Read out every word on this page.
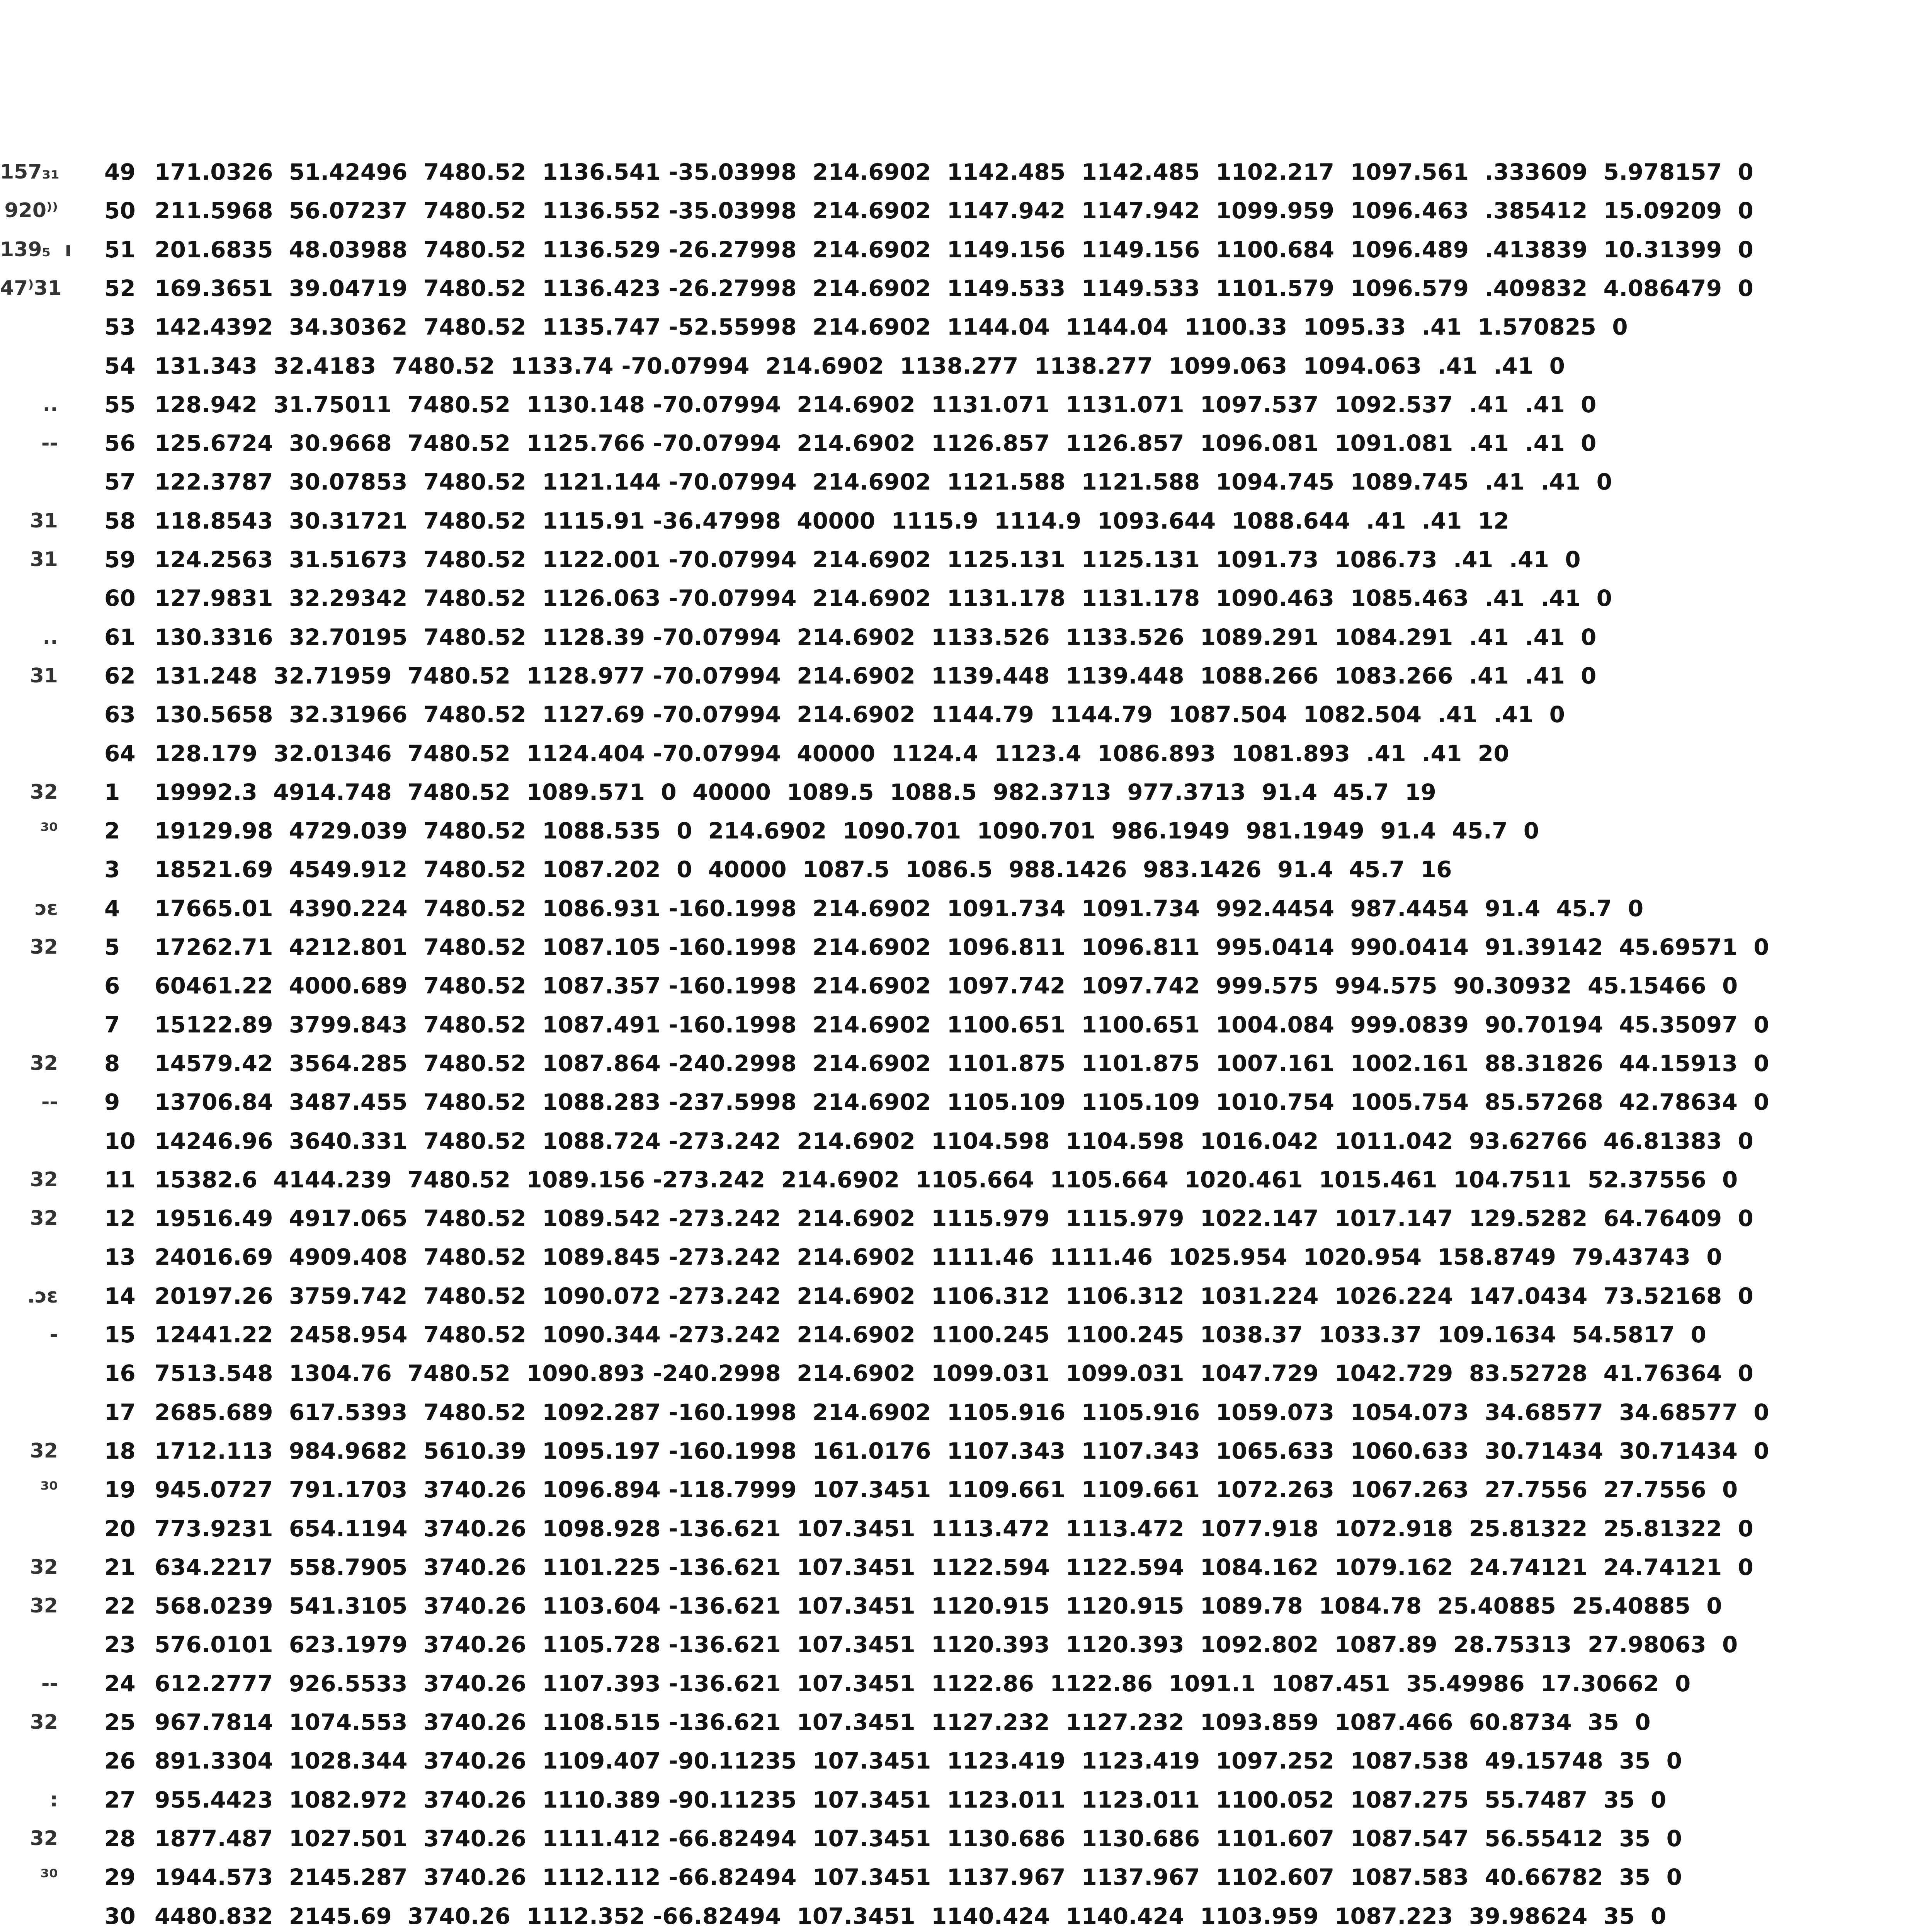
157₃₁ 49 171.0326  51.42496  7480.52  1136.541 -35.03998  214.6902  1142.485  1142.485  1102.217  1097.561  .333609  5.978157  0
920⁾⁾ 50 211.5968  56.07237  7480.52  1136.552 -35.03998  214.6902  1147.942  1147.942  1099.959  1096.463  .385412  15.09209  0
139₅  ı 51 201.6835  48.03988  7480.52  1136.529 -26.27998  214.6902  1149.156  1149.156  1100.684  1096.489  .413839  10.31399  0
47⁾31 52 169.3651  39.04719  7480.52  1136.423 -26.27998  214.6902  1149.533  1149.533  1101.579  1096.579  .409832  4.086479  0
53 142.4392  34.30362  7480.52  1135.747 -52.55998  214.6902  1144.04  1144.04  1100.33  1095.33  .41  1.570825  0
54 131.343  32.4183  7480.52  1133.74 -70.07994  214.6902  1138.277  1138.277  1099.063  1094.063  .41  .41  0
.. 55 128.942  31.75011  7480.52  1130.148 -70.07994  214.6902  1131.071  1131.071  1097.537  1092.537  .41  .41  0
-- 56 125.6724  30.9668  7480.52  1125.766 -70.07994  214.6902  1126.857  1126.857  1096.081  1091.081  .41  .41  0
57 122.3787  30.07853  7480.52  1121.144 -70.07994  214.6902  1121.588  1121.588  1094.745  1089.745  .41  .41  0
31 58 118.8543  30.31721  7480.52  1115.91 -36.47998  40000  1115.9  1114.9  1093.644  1088.644  .41  .41  12
31 59 124.2563  31.51673  7480.52  1122.001 -70.07994  214.6902  1125.131  1125.131  1091.73  1086.73  .41  .41  0
60 127.9831  32.29342  7480.52  1126.063 -70.07994  214.6902  1131.178  1131.178  1090.463  1085.463  .41  .41  0
.. 61 130.3316  32.70195  7480.52  1128.39 -70.07994  214.6902  1133.526  1133.526  1089.291  1084.291  .41  .41  0
31 62 131.248  32.71959  7480.52  1128.977 -70.07994  214.6902  1139.448  1139.448  1088.266  1083.266  .41  .41  0
63 130.5658  32.31966  7480.52  1127.69 -70.07994  214.6902  1144.79  1144.79  1087.504  1082.504  .41  .41  0
64 128.179  32.01346  7480.52  1124.404 -70.07994  40000  1124.4  1123.4  1086.893  1081.893  .41  .41  20
32 1	19992.3  4914.748  7480.52  1089.571  0  40000  1089.5  1088.5  982.3713  977.3713  91.4  45.7  19
³⁰ 2	19129.98  4729.039  7480.52  1088.535  0  214.6902  1090.701  1090.701  986.1949  981.1949  91.4  45.7  0
3	18521.69  4549.912  7480.52  1087.202  0  40000  1087.5  1086.5  988.1426  983.1426  91.4  45.7  16
ɔɛ 4	17665.01  4390.224  7480.52  1086.931 -160.1998  214.6902  1091.734  1091.734  992.4454  987.4454  91.4  45.7  0
32 5	17262.71  4212.801  7480.52  1087.105 -160.1998  214.6902  1096.811  1096.811  995.0414  990.0414  91.39142  45.69571  0
6	60461.22  4000.689  7480.52  1087.357 -160.1998  214.6902  1097.742  1097.742  999.575  994.575  90.30932  45.15466  0
7	15122.89  3799.843  7480.52  1087.491 -160.1998  214.6902  1100.651  1100.651  1004.084  999.0839  90.70194  45.35097  0
32 8	14579.42  3564.285  7480.52  1087.864 -240.2998  214.6902  1101.875  1101.875  1007.161  1002.161  88.31826  44.15913  0
-- 9	13706.84  3487.455  7480.52  1088.283 -237.5998  214.6902  1105.109  1105.109  1010.754  1005.754  85.57268  42.78634  0
10 14246.96  3640.331  7480.52  1088.724 -273.242  214.6902  1104.598  1104.598  1016.042  1011.042  93.62766  46.81383  0
32 11 15382.6  4144.239  7480.52  1089.156 -273.242  214.6902  1105.664  1105.664  1020.461  1015.461  104.7511  52.37556  0
32 12 19516.49  4917.065  7480.52  1089.542 -273.242  214.6902  1115.979  1115.979  1022.147  1017.147  129.5282  64.76409  0
13 24016.69  4909.408  7480.52  1089.845 -273.242  214.6902  1111.46  1111.46  1025.954  1020.954  158.8749  79.43743  0
.ɔɛ 14 20197.26  3759.742  7480.52  1090.072 -273.242  214.6902  1106.312  1106.312  1031.224  1026.224  147.0434  73.52168  0
- 15 12441.22  2458.954  7480.52  1090.344 -273.242  214.6902  1100.245  1100.245  1038.37  1033.37  109.1634  54.5817  0
16 7513.548  1304.76  7480.52  1090.893 -240.2998  214.6902  1099.031  1099.031  1047.729  1042.729  83.52728  41.76364  0
17 2685.689  617.5393  7480.52  1092.287 -160.1998  214.6902  1105.916  1105.916  1059.073  1054.073  34.68577  34.68577  0
32 18 1712.113  984.9682  5610.39  1095.197 -160.1998  161.0176  1107.343  1107.343  1065.633  1060.633  30.71434  30.71434  0
³⁰ 19 945.0727  791.1703  3740.26  1096.894 -118.7999  107.3451  1109.661  1109.661  1072.263  1067.263  27.7556  27.7556  0
20 773.9231  654.1194  3740.26  1098.928 -136.621  107.3451  1113.472  1113.472  1077.918  1072.918  25.81322  25.81322  0
32 21 634.2217  558.7905  3740.26  1101.225 -136.621  107.3451  1122.594  1122.594  1084.162  1079.162  24.74121  24.74121  0
32 22 568.0239  541.3105  3740.26  1103.604 -136.621  107.3451  1120.915  1120.915  1089.78  1084.78  25.40885  25.40885  0
23 576.0101  623.1979  3740.26  1105.728 -136.621  107.3451  1120.393  1120.393  1092.802  1087.89  28.75313  27.98063  0
-- 24 612.2777  926.5533  3740.26  1107.393 -136.621  107.3451  1122.86  1122.86  1091.1  1087.451  35.49986  17.30662  0
32 25 967.7814  1074.553  3740.26  1108.515 -136.621  107.3451  1127.232  1127.232  1093.859  1087.466  60.8734  35  0
26 891.3304  1028.344  3740.26  1109.407 -90.11235  107.3451  1123.419  1123.419  1097.252  1087.538  49.15748  35  0
: 27 955.4423  1082.972  3740.26  1110.389 -90.11235  107.3451  1123.011  1123.011  1100.052  1087.275  55.7487  35  0
32 28 1877.487  1027.501  3740.26  1111.412 -66.82494  107.3451  1130.686  1130.686  1101.607  1087.547  56.55412  35  0
³⁰ 29 1944.573  2145.287  3740.26  1112.112 -66.82494  107.3451  1137.967  1137.967  1102.607  1087.583  40.66782  35  0
30 4480.832  2145.69  3740.26  1112.352 -66.82494  107.3451  1140.424  1140.424  1103.959  1087.223  39.98624  35  0
